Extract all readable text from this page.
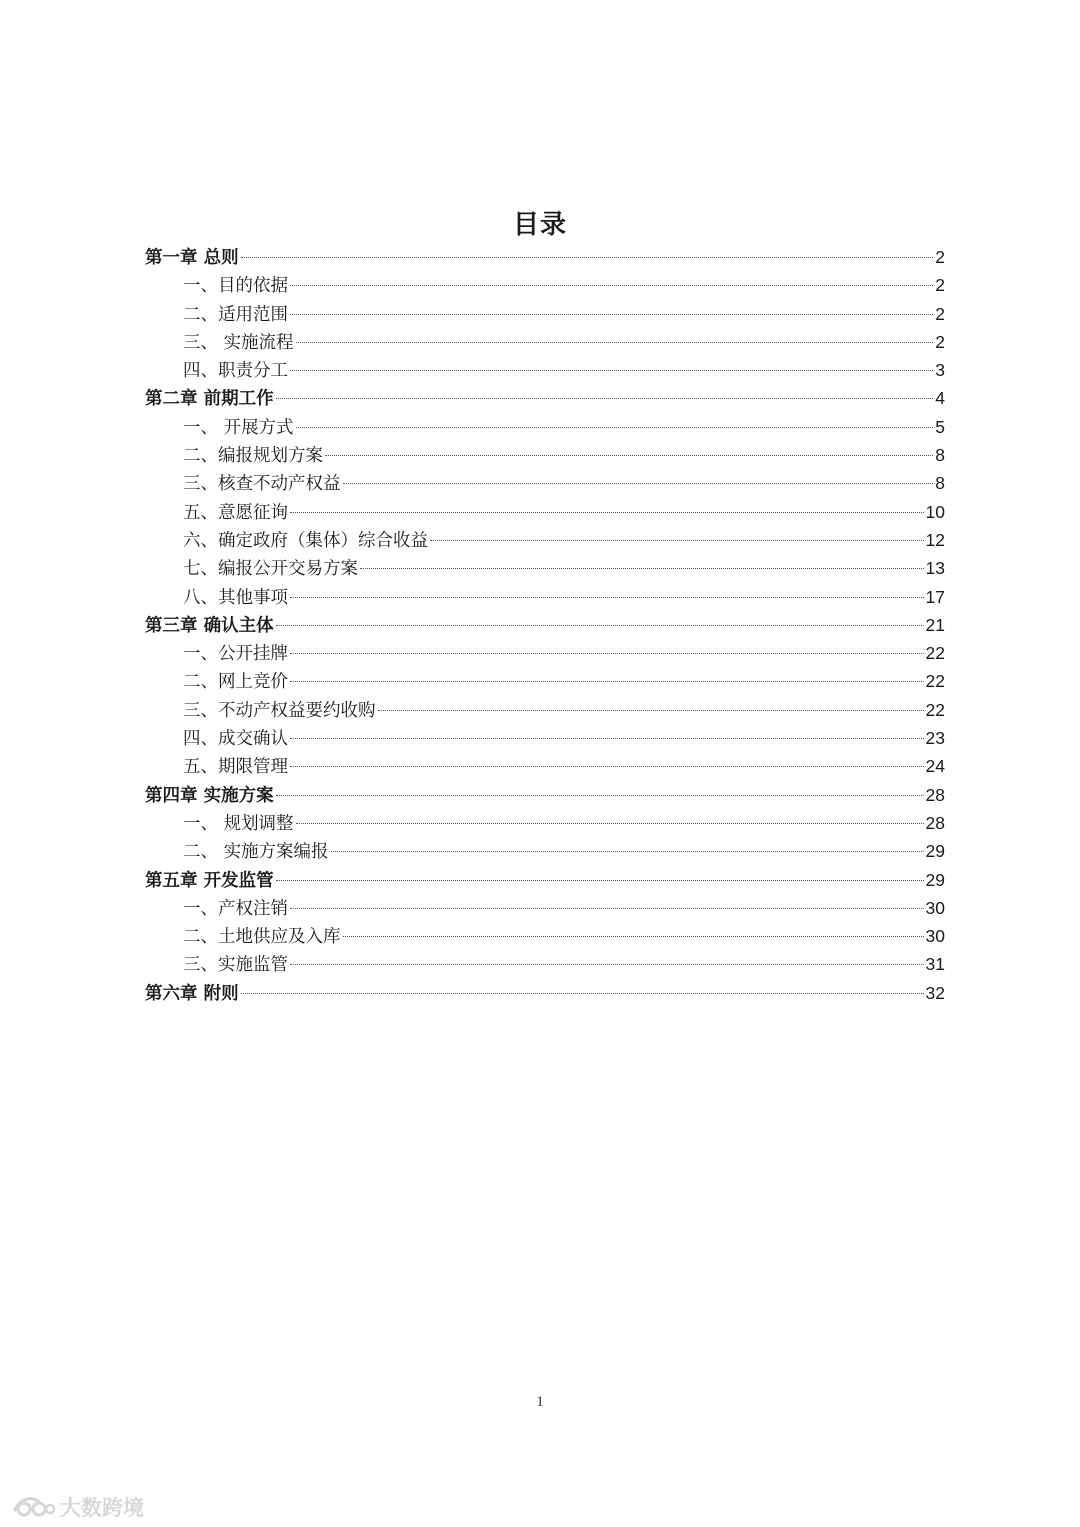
目录
第一章 总则	2
一、目的依据	2
二、适用范围	2
三、 实施流程	2
四、职责分工	3
第二章 前期工作	4
一、 开展方式	5
二、编报规划方案	8
三、核查不动产权益	8
五、意愿征询	10
六、确定政府（集体）综合收益	12
七、编报公开交易方案	13
八、其他事项	17
第三章 确认主体	21
一、公开挂牌	22
二、网上竞价	22
三、不动产权益要约收购	22
四、成交确认	23
五、期限管理	24
第四章 实施方案	28
一、 规划调整	28
二、 实施方案编报	29
第五章 开发监管	29
一、产权注销	30
二、土地供应及入库	30
三、实施监管	31
第六章 附则	32
1
大数跨境
